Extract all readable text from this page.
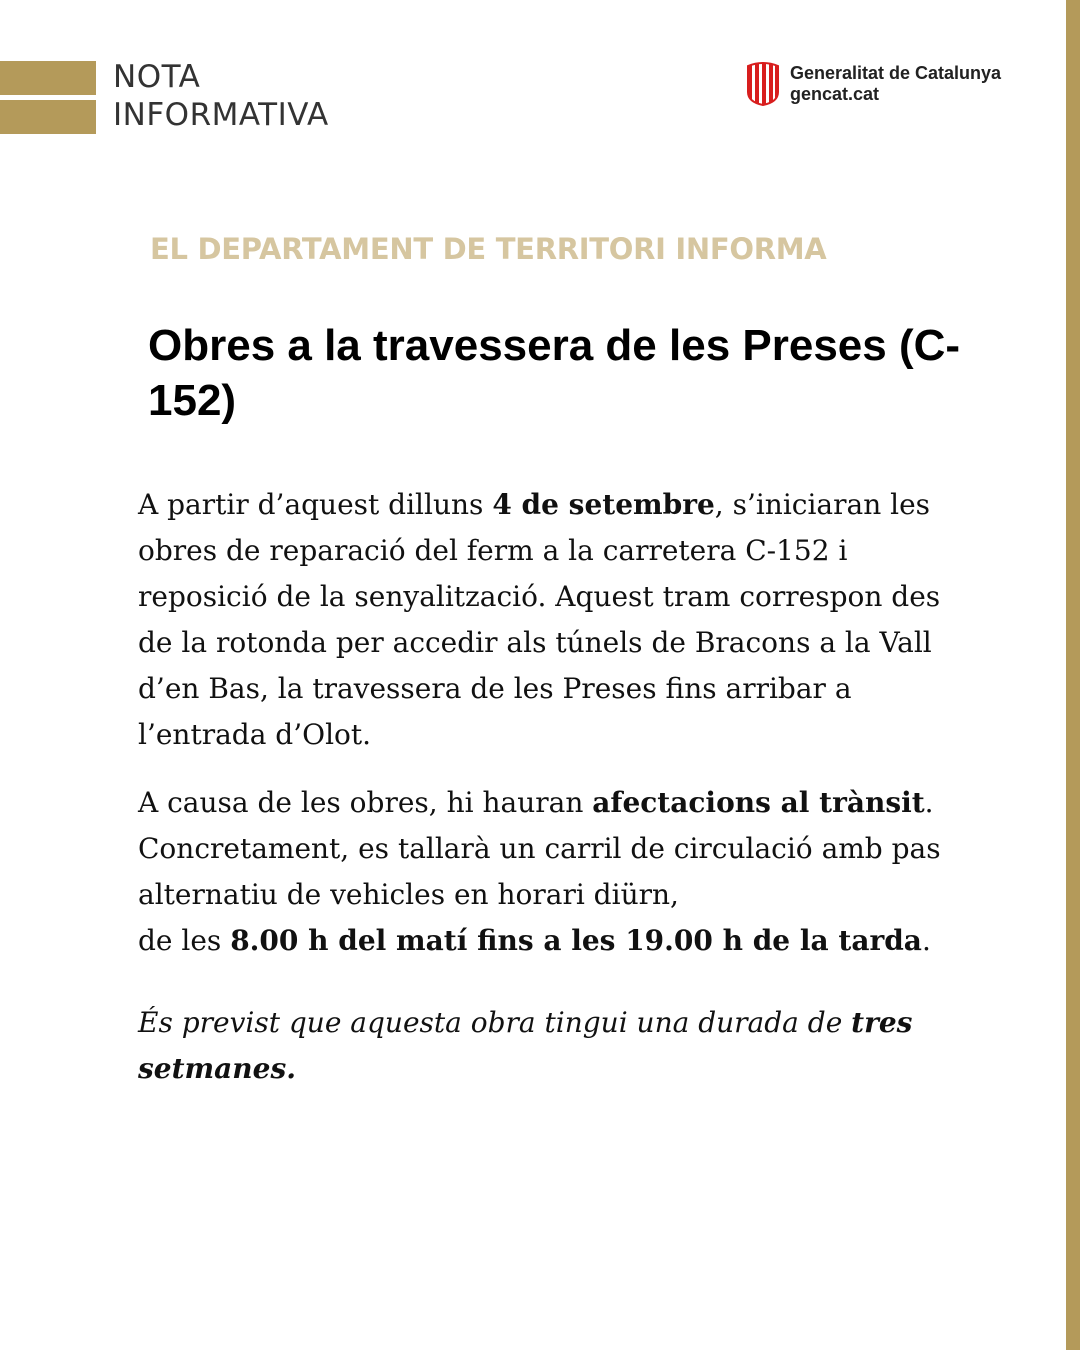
NOTA
INFORMATIVA
Generalitat de Catalunya
gencat.cat
EL DEPARTAMENT DE TERRITORI INFORMA
Obres a la travessera de les Preses (C-152)

A partir d’aquest dilluns 4 de setembre, s’iniciaran les obres de reparació del ferm a la carretera C-152 i reposició de la senyalització. Aquest tram correspon des de la rotonda per accedir als túnels de Bracons a la Vall d’en Bas, la travessera de les Preses fins arribar a l’entrada d’Olot.

A causa de les obres, hi hauran afectacions al trànsit. Concretament, es tallarà un carril de circulació amb pas alternatiu de vehicles en horari diürn,
de les 8.00 h del matí fins a les 19.00 h de la tarda.

És previst que aquesta obra tingui una durada de tres setmanes.
